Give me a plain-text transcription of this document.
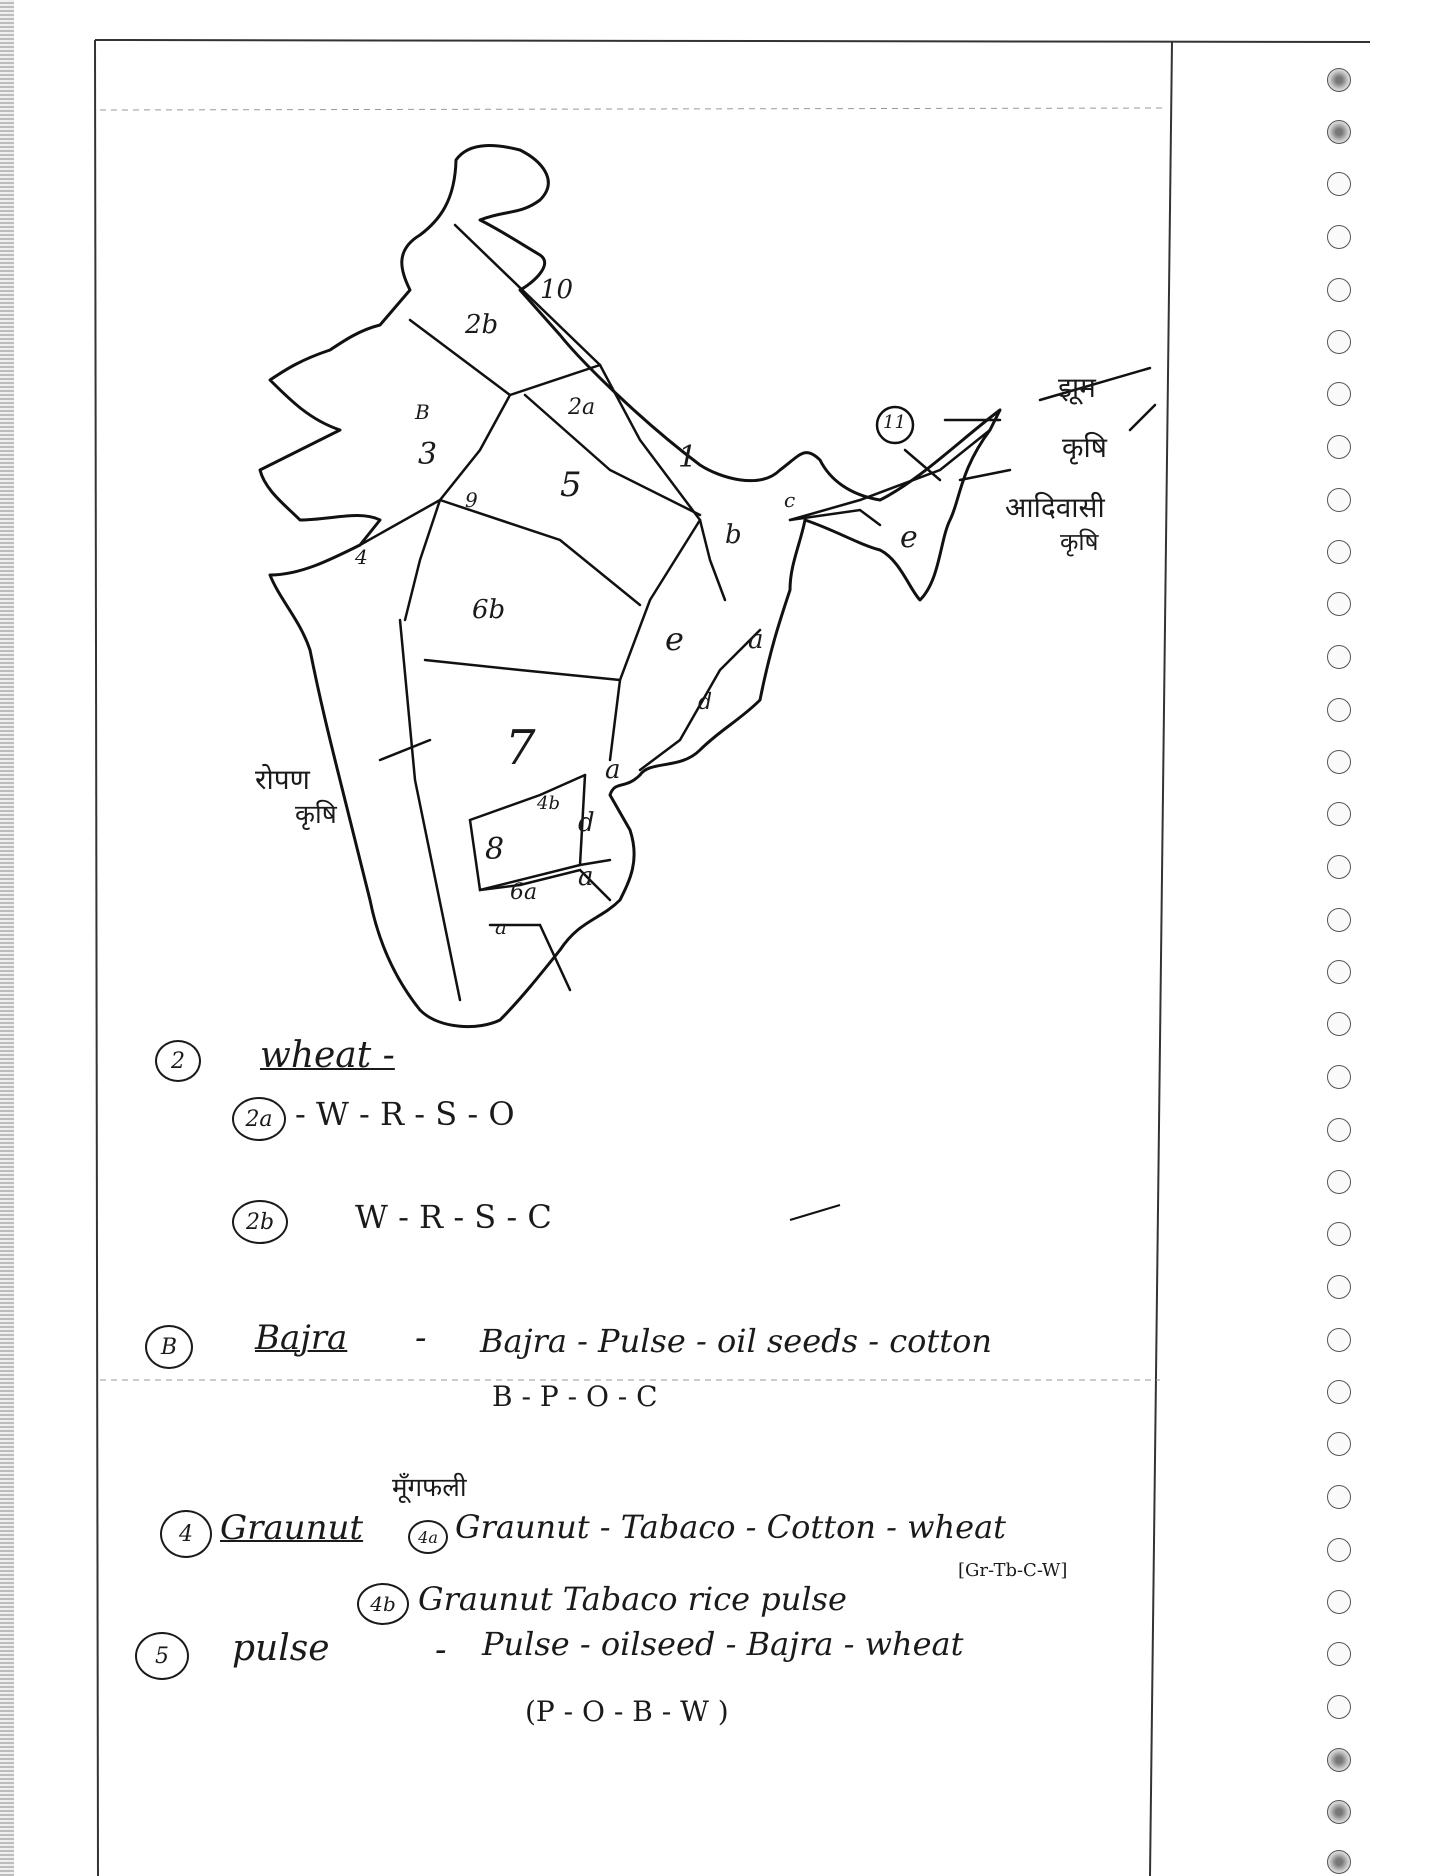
10
2b
2a
B
3
9 5
1
b
c
11
e
4
6b
e a
d
7	a
4b
d
8
a
6a
a
झूम
कृषि
आदिवासी
कृषि
रोपण
कृषि
2	wheat -
2a - W - R - S - O
2b	W - R - S - C
B	Bajra - Bajra - Pulse - oil seeds - cotton
B - P - O - C
मूँगफली
4 Graunut	4a Graunut - Tabaco - Cotton - wheat
[Gr-Tb-C-W]
4b Graunut Tabaco rice pulse
5	pulse	- Pulse - oilseed - Bajra - wheat
(P - O - B - W )
